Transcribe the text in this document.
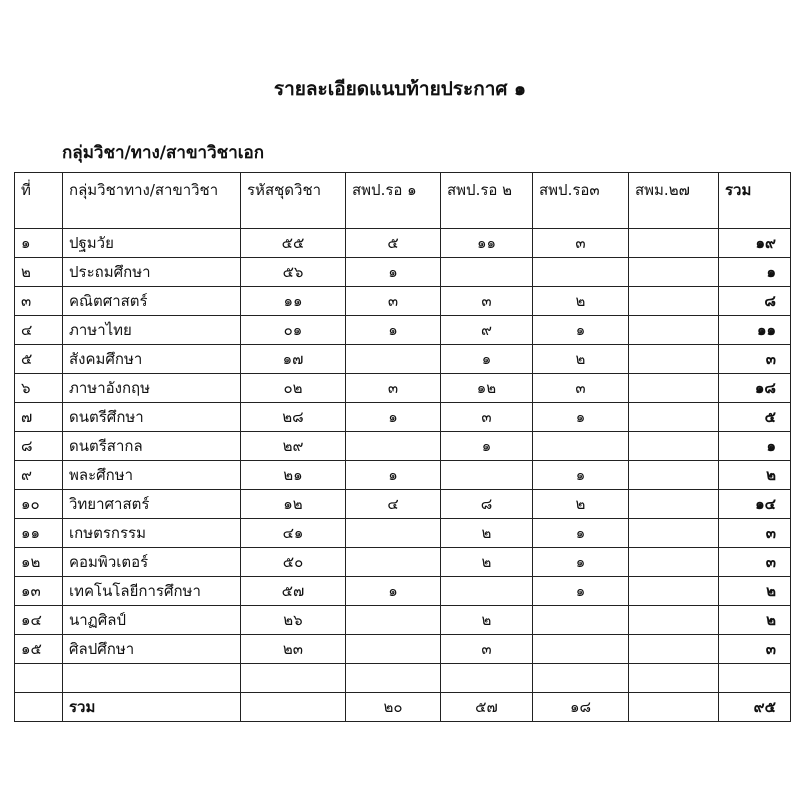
รายละเอียดแนบท้ายประกาศ ๑
กลุ่มวิชา/ทาง/สาขาวิชาเอก
ที่	กลุ่มวิชาทาง/สาขาวิชา	รหัสชุดวิชา	สพป.รอ ๑	สพป.รอ ๒	สพป.รอ๓	สพม.๒๗	รวม
๑	ปฐมวัย	๕๕	๕	๑๑	๓		๑๙
๒	ประถมศึกษา	๕๖	๑				๑
๓	คณิตศาสตร์	๑๑	๓	๓	๒		๘
๔	ภาษาไทย	๐๑	๑	๙	๑		๑๑
๕	สังคมศึกษา	๑๗		๑	๒		๓
๖	ภาษาอังกฤษ	๐๒	๓	๑๒	๓		๑๘
๗	ดนตรีศึกษา	๒๘	๑	๓	๑		๕
๘	ดนตรีสากล	๒๙		๑			๑
๙	พละศึกษา	๒๑	๑		๑		๒
๑๐	วิทยาศาสตร์	๑๒	๔	๘	๒		๑๔
๑๑	เกษตรกรรม	๔๑		๒	๑		๓
๑๒	คอมพิวเตอร์	๕๐		๒	๑		๓
๑๓	เทคโนโลยีการศึกษา	๕๗	๑		๑		๒
๑๔	นาฏศิลป์	๒๖		๒			๒
๑๕	ศิลปศึกษา	๒๓		๓			๓

	รวม		๒๐	๕๗	๑๘		๙๕
